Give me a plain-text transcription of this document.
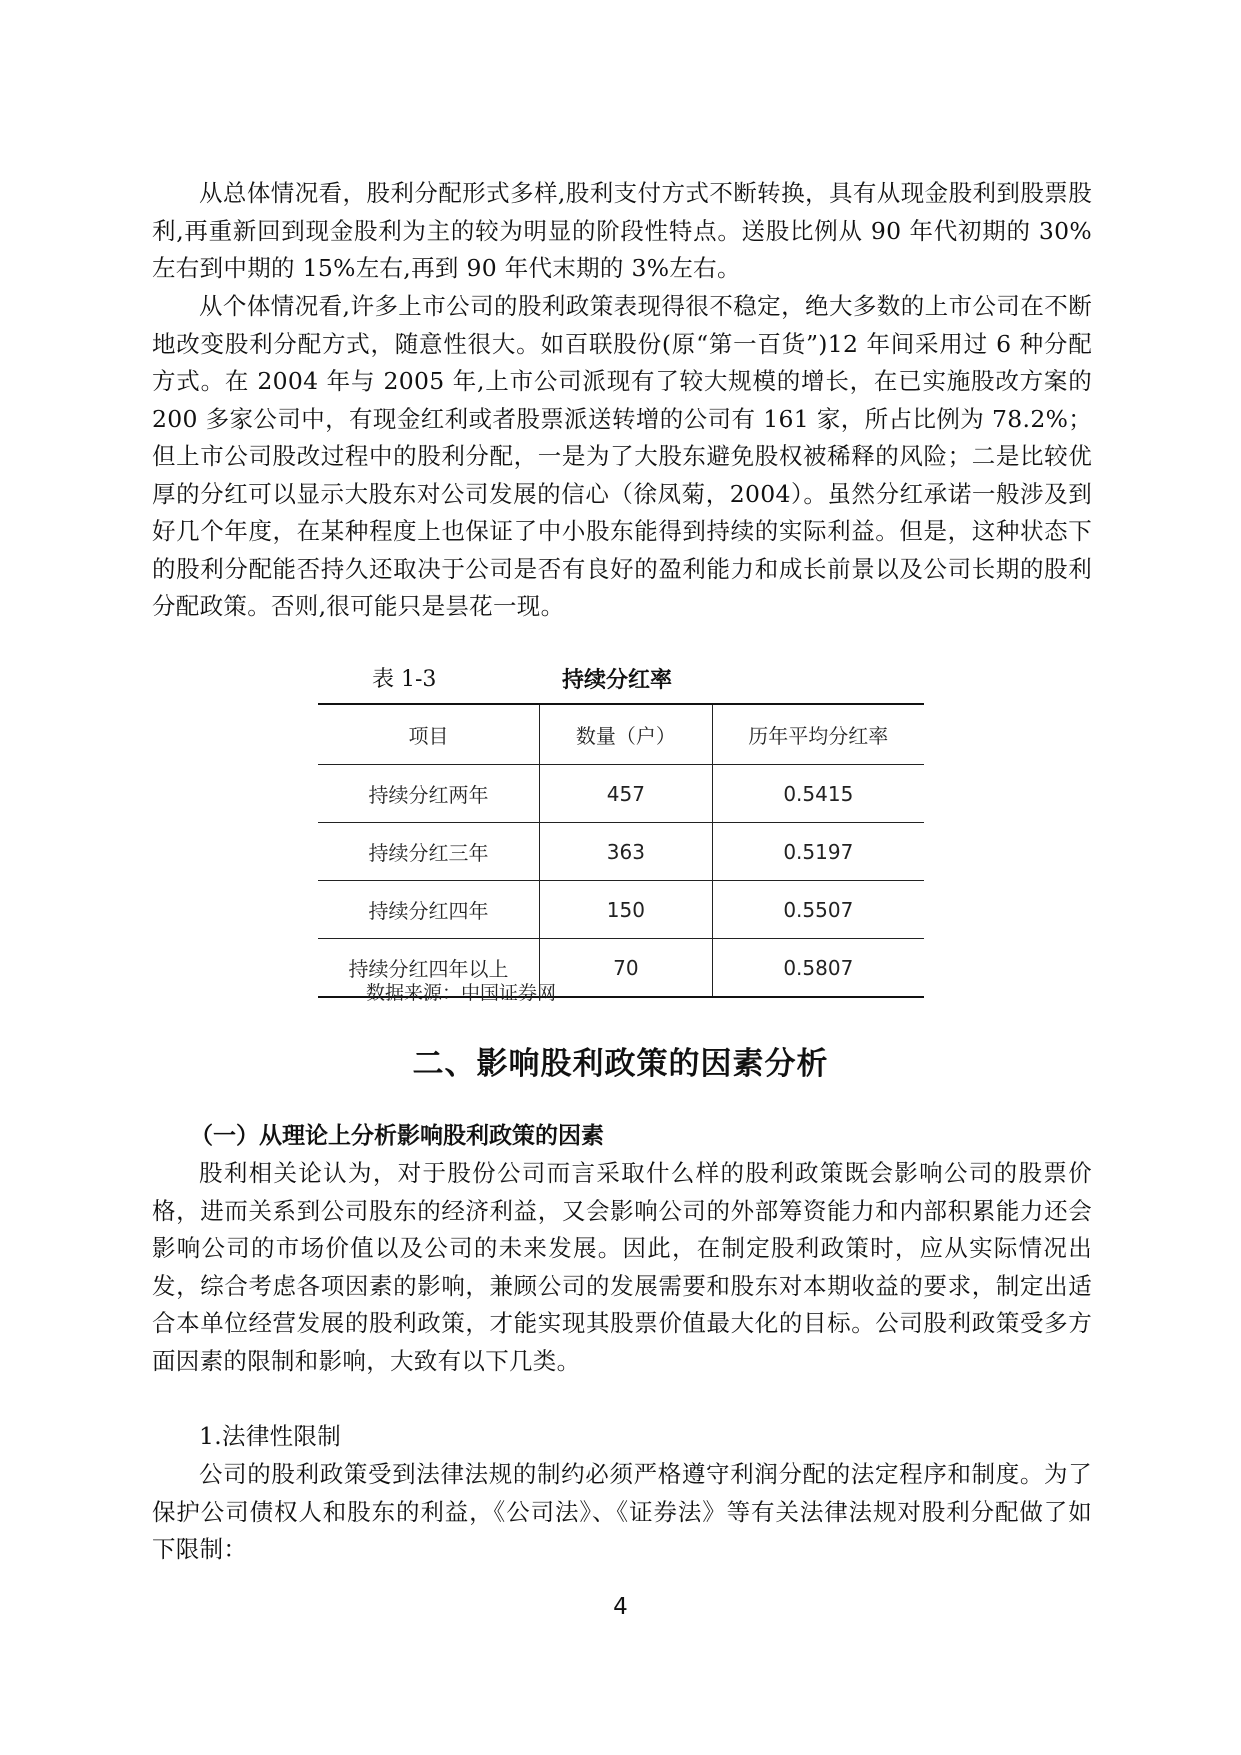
从总体情况看，股利分配形式多样,股利支付方式不断转换，具有从现金股利到股票股利,再重新回到现金股利为主的较为明显的阶段性特点。送股比例从 90 年代初期的 30%左右到中期的 15%左右,再到 90 年代末期的 3%左右。

从个体情况看,许多上市公司的股利政策表现得很不稳定，绝大多数的上市公司在不断地改变股利分配方式，随意性很大。如百联股份(原“第一百货”)12 年间采用过 6 种分配方式。在 2004 年与 2005 年,上市公司派现有了较大规模的增长，在已实施股改方案的 200 多家公司中，有现金红利或者股票派送转增的公司有 161 家，所占比例为 78.2%；但上市公司股改过程中的股利分配，一是为了大股东避免股权被稀释的风险；二是比较优厚的分红可以显示大股东对公司发展的信心（徐凤菊，2004）。虽然分红承诺一般涉及到好几个年度，在某种程度上也保证了中小股东能得到持续的实际利益。但是，这种状态下的股利分配能否持久还取决于公司是否有良好的盈利能力和成长前景以及公司长期的股利分配政策。否则,很可能只是昙花一现。

表 1-3	持续分红率
项目	数量（户）	历年平均分红率
持续分红两年	457	0.5415
持续分红三年	363	0.5197
持续分红四年	150	0.5507
持续分红四年以上	70	0.5807
数据来源：中国证券网
二、影响股利政策的因素分析
（一）从理论上分析影响股利政策的因素

股利相关论认为，对于股份公司而言采取什么样的股利政策既会影响公司的股票价格，进而关系到公司股东的经济利益，又会影响公司的外部筹资能力和内部积累能力还会影响公司的市场价值以及公司的未来发展。因此，在制定股利政策时，应从实际情况出发，综合考虑各项因素的影响，兼顾公司的发展需要和股东对本期收益的要求，制定出适合本单位经营发展的股利政策，才能实现其股票价值最大化的目标。公司股利政策受多方面因素的限制和影响，大致有以下几类。

1.法律性限制

公司的股利政策受到法律法规的制约必须严格遵守利润分配的法定程序和制度。为了保护公司债权人和股东的利益，《公司法》、《证券法》等有关法律法规对股利分配做了如下限制：

4
